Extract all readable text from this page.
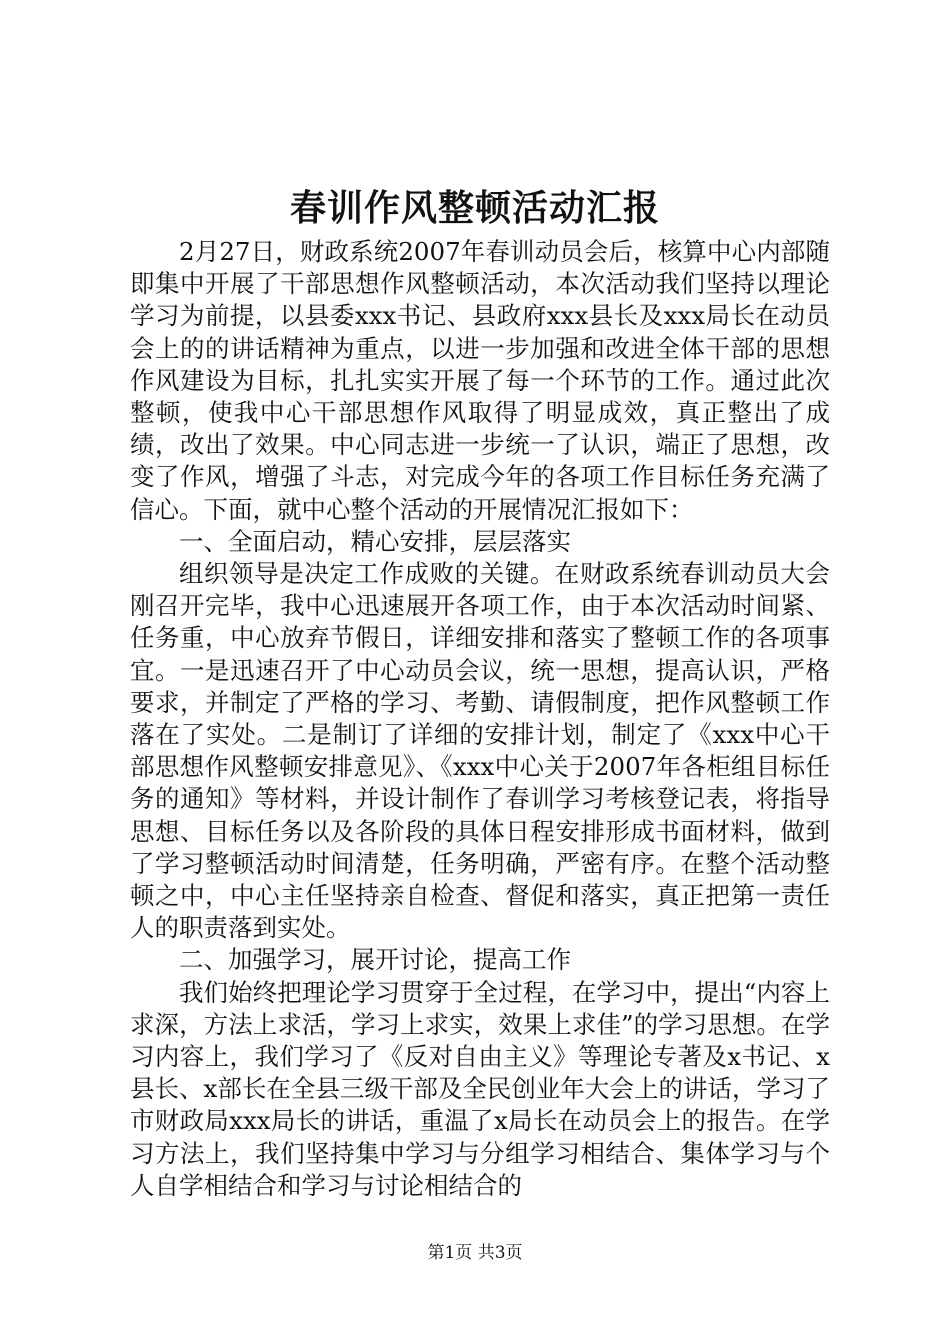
春训作风整顿活动汇报

2月27日，财政系统2007年春训动员会后，核算中心内部随即集中开展了干部思想作风整顿活动，本次活动我们坚持以理论学习为前提，以县委xxx书记、县政府xxx县长及xxx局长在动员会上的的讲话精神为重点，以进一步加强和改进全体干部的思想作风建设为目标，扎扎实实开展了每一个环节的工作。通过此次整顿，使我中心干部思想作风取得了明显成效，真正整出了成绩，改出了效果。中心同志进一步统一了认识，端正了思想，改变了作风，增强了斗志，对完成今年的各项工作目标任务充满了信心。下面，就中心整个活动的开展情况汇报如下：

一、全面启动，精心安排，层层落实

组织领导是决定工作成败的关键。在财政系统春训动员大会刚召开完毕，我中心迅速展开各项工作，由于本次活动时间紧、任务重，中心放弃节假日，详细安排和落实了整顿工作的各项事宜。一是迅速召开了中心动员会议，统一思想，提高认识，严格要求，并制定了严格的学习、考勤、请假制度，把作风整顿工作落在了实处。二是制订了详细的安排计划，制定了《xxx中心干部思想作风整顿安排意见》、《xxx中心关于2007年各柜组目标任务的通知》等材料，并设计制作了春训学习考核登记表，将指导思想、目标任务以及各阶段的具体日程安排形成书面材料，做到了学习整顿活动时间清楚，任务明确，严密有序。在整个活动整顿之中，中心主任坚持亲自检查、督促和落实，真正把第一责任人的职责落到实处。

二、加强学习，展开讨论，提高工作

我们始终把理论学习贯穿于全过程，在学习中，提出“内容上求深，方法上求活，学习上求实，效果上求佳”的学习思想。在学习内容上，我们学习了《反对自由主义》等理论专著及x书记、x县长、x部长在全县三级干部及全民创业年大会上的讲话，学习了市财政局xxx局长的讲话，重温了x局长在动员会上的报告。在学习方法上，我们坚持集中学习与分组学习相结合、集体学习与个人自学相结合和学习与讨论相结合的

第1页 共3页
